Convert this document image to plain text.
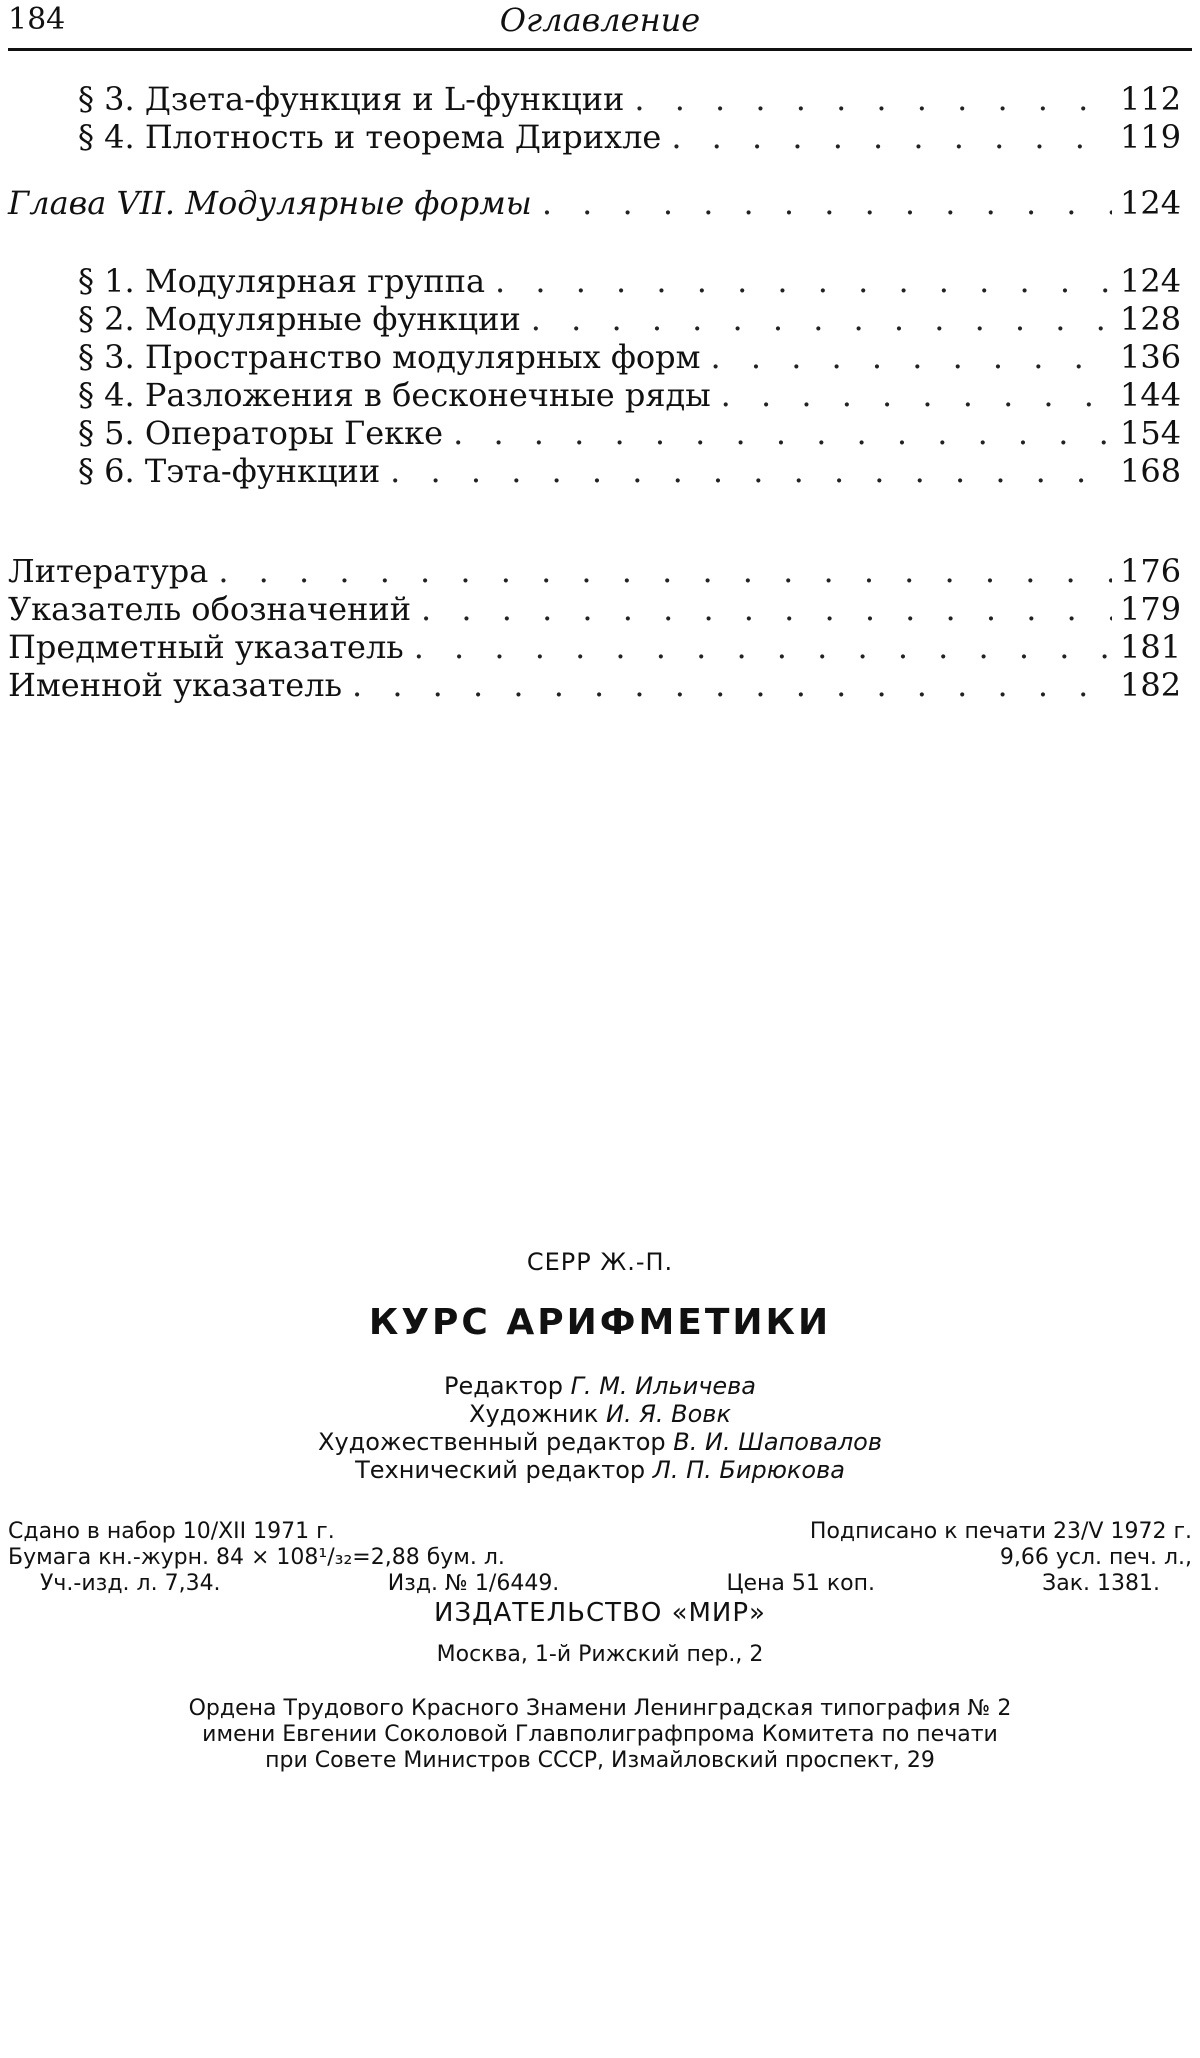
184	Оглавление
§ 3. Дзета-функция и L-функции . . .	112
§ 4. Плотность и теорема Дирихле . . .	119
Глава VII. Модулярные формы . . .	124
§ 1. Модулярная группа . . .	124
§ 2. Модулярные функции . . .	128
§ 3. Пространство модулярных форм . . .	136
§ 4. Разложения в бесконечные ряды . . .	144
§ 5. Операторы Гекке . . .	154
§ 6. Тэта-функции . . .	168
Литература . . .	176
Указатель обозначений . . .	179
Предметный указатель . . .	181
Именной указатель . . .	182
СЕРР Ж.-П.
КУРС АРИФМЕТИКИ
Редактор Г. М. Ильичева
Художник И. Я. Вовк
Художественный редактор В. И. Шаповалов
Технический редактор Л. П. Бирюкова
Сдано в набор 10/XII 1971 г.	Подписано к печати 23/V 1972 г.
Бумага кн.-журн. 84 × 108¹/₃₂=2,88 бум. л.	9,66 усл. печ. л.,
Уч.-изд. л. 7,34.	Изд. № 1/6449.	Цена 51 коп.	Зак. 1381.
ИЗДАТЕЛЬСТВО «МИР»
Москва, 1-й Рижский пер., 2
Ордена Трудового Красного Знамени Ленинградская типография № 2
имени Евгении Соколовой Главполиграфпрома Комитета по печати
при Совете Министров СССР, Измайловский проспект, 29
